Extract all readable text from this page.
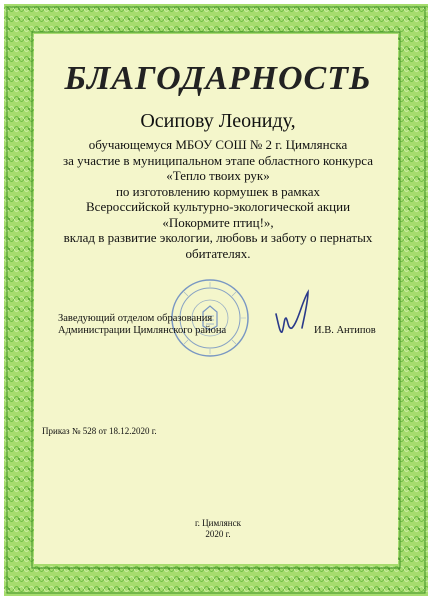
БЛАГОДАРНОСТЬ
Осипову Леониду,
обучающемуся МБОУ СОШ № 2 г. Цимлянска
за участие в муниципальном этапе областного конкурса
«Тепло твоих рук»
по изготовлению кормушек в рамках
Всероссийской культурно-экологической акции
«Покормите птиц!»,
вклад в развитие экологии, любовь и заботу о пернатых
обитателях.
Заведующий отделом образования
Администрации Цимлянского района	И.В. Антипов
Приказ № 528 от 18.12.2020 г.
г. Цимлянск
2020 г.
